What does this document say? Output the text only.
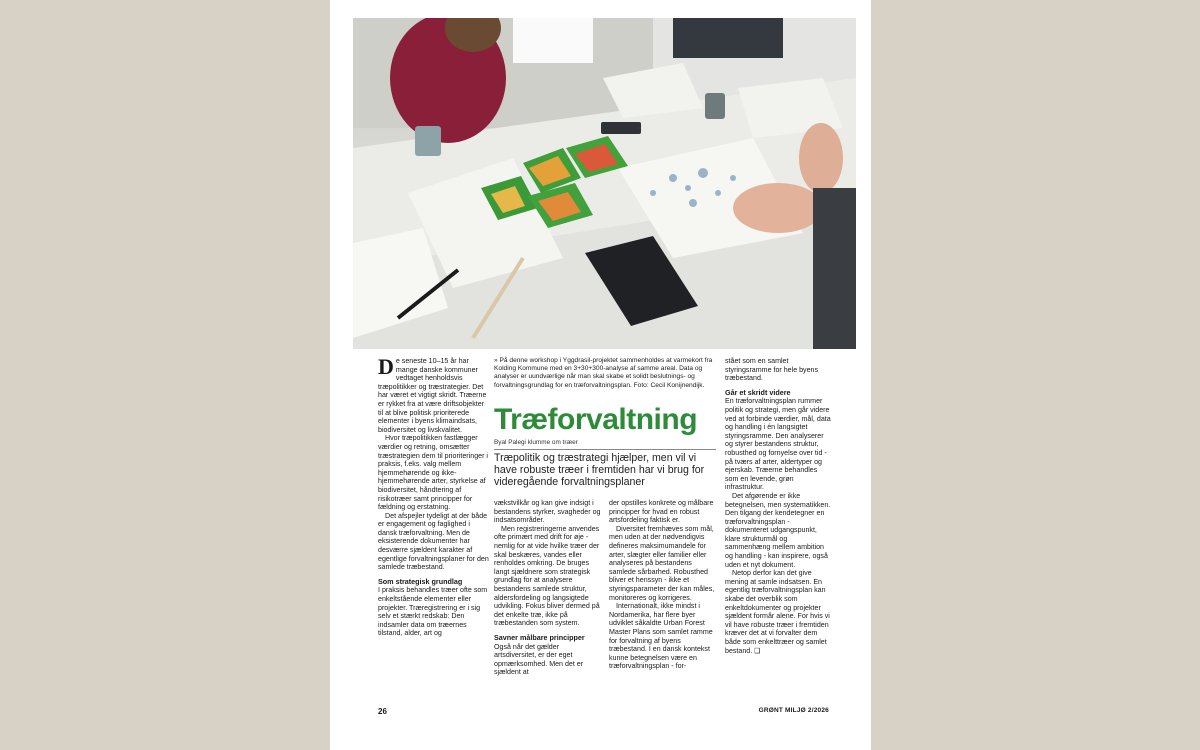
De seneste 10–15 år har mange danske kommuner vedtaget henholdsvis træpolitikker og træstrategier. Det har været et vigtigt skridt. Træerne er rykket fra at være driftsobjekter til at blive politisk prioriterede elementer i byens klimaindsats, biodiversitet og livskvalitet.

Hvor træpolitikken fastlægger værdier og retning, omsætter træstrategien dem til prioriteringer i praksis, f.eks. valg mellem hjemmehørende og ikke-hjemmehørende arter, styrkelse af biodiversitet, håndtering af risikotræer samt principper for fældning og erstatning.

Det afspejler tydeligt at der både er engagement og faglighed i dansk træforvaltning. Men de eksisterende dokumenter har desværre sjældent karakter af egentlige forvaltningsplaner for den samlede træbestand.

Som strategisk grundlag

I praksis behandles træer ofte som enkeltstående elementer eller projekter. Træregistrering er i sig selv et stærkt redskab: Den indsamler data om træernes tilstand, alder, art og

» På denne workshop i Yggdrasil-projektet sammenholdes at varmekort fra Kolding Kommune med en 3+30+300-analyse af samme areal. Data og analyser er uundværlige når man skal skabe et solidt beslutnings- og forvaltningsgrundlag for en træforvaltningsplan. Foto: Cecil Konijnendijk.
Træforvaltning
Byal Palegi klumme om træer
Træpolitik og træstrategi hjælper, men vil vi have robuste træer i fremtiden har vi brug for videregående forvaltningsplaner

vækstvilkår og kan give indsigt i bestandens styrker, svagheder og indsatsområder.

Men registreringerne anvendes ofte primært med drift for øje - nemlig for at vide hvilke træer der skal beskæres, vandes eller renholdes omkring. De bruges langt sjældnere som strategisk grundlag for at analysere bestandens samlede struktur, aldersfordeling og langsigtede udvikling. Fokus bliver dermed på det enkelte træ, ikke på træbestanden som system.

Savner målbare principper

Også når det gælder artsdiversitet, er der eget opmærksomhed. Men det er sjældent at

der opstilles konkrete og målbare principper for hvad en robust artsfordeling faktisk er.

Diversitet fremhæves som mål, men uden at der nødvendigvis defineres maksimumandele for arter, slægter eller familier eller analyseres på bestandens samlede sårbarhed. Robusthed bliver et henssyn - ikke et styringsparameter der kan måles, monitoreres og korrigeres.

Internationalt, ikke mindst i Nordamerika, har flere byer udviklet såkaldte Urban Forest Master Plans som samlet ramme for forvaltning af byens træbestand. I en dansk kontekst kunne betegnelsen være en træforvaltningsplan - for-

stået som en samlet styringsramme for hele byens træbestand.

Går et skridt videre

En træforvaltningsplan rummer politik og strategi, men går videre ved at forbinde værdier, mål, data og handling i én langsigtet styringsramme. Den analyserer og styrer bestandens struktur, robusthed og fornyelse over tid - på tværs af arter, aldertyper og ejerskab. Træerne behandles som en levende, grøn infrastruktur.

Det afgørende er ikke betegnelsen, men systematikken. Den tilgang der kendetegner en træforvaltningsplan - dokumenteret udgangspunkt, klare strukturmål og sammenhæng mellem ambition og handling - kan inspirere, også uden et nyt dokument.

Netop derfor kan det give mening at samle indsatsen. En egentlig træforvaltningsplan kan skabe det overblik som enkeltdokumenter og projekter sjældent formår alene. For hvis vi vil have robuste træer i fremtiden kræver det at vi forvalter dem både som enkelttræer og samlet bestand. ❑

26	GRØNT MILJØ 2/2026
